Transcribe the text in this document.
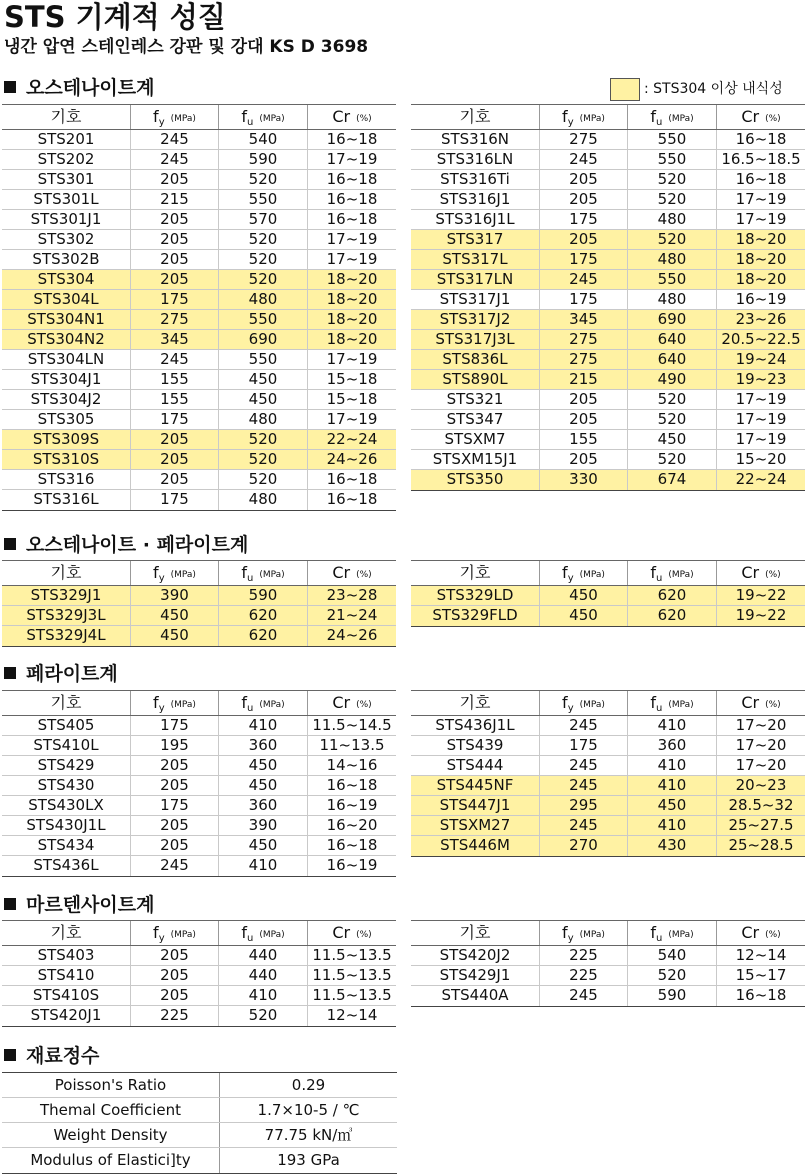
STS 기계적 성질
냉간 압연 스테인레스 강판 및 강대 KS D 3698
오스테나이트계	: STS304 이상 내식성
기호	$f_y$ (MPa)	$f_u$ (MPa)	Cr (%)
STS201	245	540	16~18
STS202	245	590	17~19
STS301	205	520	16~18
STS301L	215	550	16~18
STS301J1	205	570	16~18
STS302	205	520	17~19
STS302B	205	520	17~19
STS304	205	520	18~20
STS304L	175	480	18~20
STS304N1	275	550	18~20
STS304N2	345	690	18~20
STS304LN	245	550	17~19
STS304J1	155	450	15~18
STS304J2	155	450	15~18
STS305	175	480	17~19
STS309S	205	520	22~24
STS310S	205	520	24~26
STS316	205	520	16~18
STS316L	175	480	16~18
기호	$f_y$ (MPa)	$f_u$ (MPa)	Cr (%)
STS316N	275	550	16~18
STS316LN	245	550	16.5~18.5
STS316Ti	205	520	16~18
STS316J1	205	520	17~19
STS316J1L	175	480	17~19
STS317	205	520	18~20
STS317L	175	480	18~20
STS317LN	245	550	18~20
STS317J1	175	480	16~19
STS317J2	345	690	23~26
STS317J3L	275	640	20.5~22.5
STS836L	275	640	19~24
STS890L	215	490	19~23
STS321	205	520	17~19
STS347	205	520	17~19
STSXM7	155	450	17~19
STSXM15J1	205	520	15~20
STS350	330	674	22~24
오스테나이트 · 페라이트계
기호	$f_y$ (MPa)	$f_u$ (MPa)	Cr (%)
STS329J1	390	590	23~28
STS329J3L	450	620	21~24
STS329J4L	450	620	24~26
기호	$f_y$ (MPa)	$f_u$ (MPa)	Cr (%)
STS329LD	450	620	19~22
STS329FLD	450	620	19~22
페라이트계
기호	$f_y$ (MPa)	$f_u$ (MPa)	Cr (%)
STS405	175	410	11.5~14.5
STS410L	195	360	11~13.5
STS429	205	450	14~16
STS430	205	450	16~18
STS430LX	175	360	16~19
STS430J1L	205	390	16~20
STS434	205	450	16~18
STS436L	245	410	16~19
기호	$f_y$ (MPa)	$f_u$ (MPa)	Cr (%)
STS436J1L	245	410	17~20
STS439	175	360	17~20
STS444	245	410	17~20
STS445NF	245	410	20~23
STS447J1	295	450	28.5~32
STSXM27	245	410	25~27.5
STS446M	270	430	25~28.5
마르텐사이트계
기호	$f_y$ (MPa)	$f_u$ (MPa)	Cr (%)
STS403	205	440	11.5~13.5
STS410	205	440	11.5~13.5
STS410S	205	410	11.5~13.5
STS420J1	225	520	12~14
기호	$f_y$ (MPa)	$f_u$ (MPa)	Cr (%)
STS420J2	225	540	12~14
STS429J1	225	520	15~17
STS440A	245	590	16~18
재료정수
Poisson's Ratio	0.29
Themal Coefficient	1.7×10-5 / ℃
Weight Density	77.75 kN/㎥
Modulus of Elastici]ty	193 GPa
